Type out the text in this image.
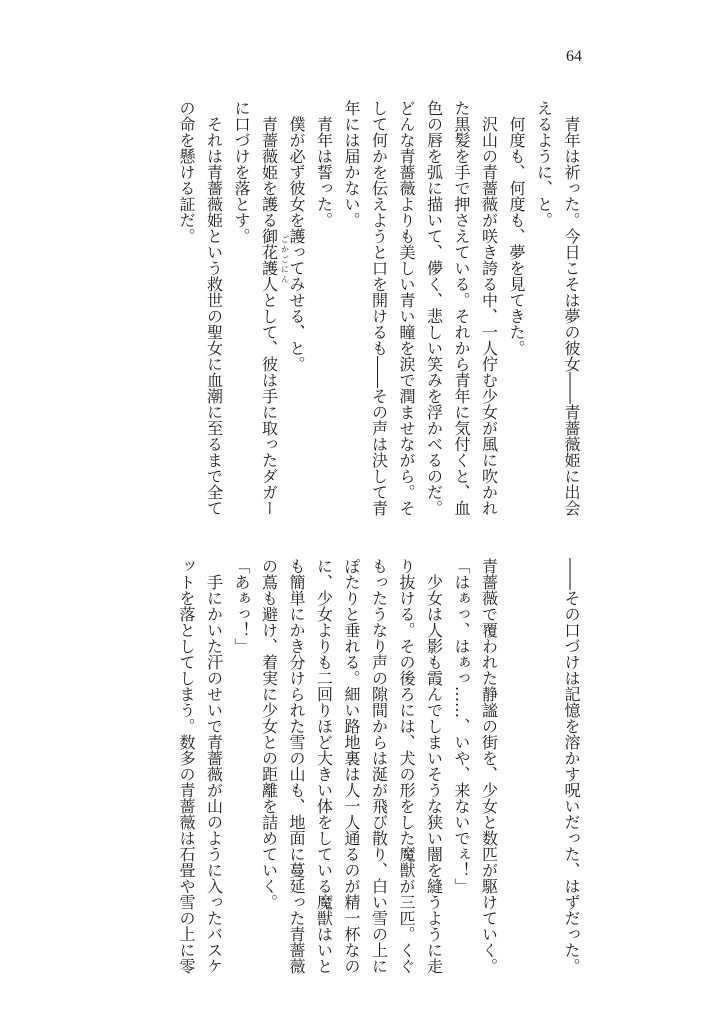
64
青年は祈った。今日こそは夢の彼女――青薔薇姫に出会
えるように、と。
何度も、何度も、夢を見てきた。
沢山の青薔薇が咲き誇る中、一人佇む少女が風に吹かれ
た黒髪を手で押さえている。それから青年に気付くと、血
色の唇を弧に描いて、儚く、悲しい笑みを浮かべるのだ。
どんな青薔薇よりも美しい青い瞳を涙で潤ませながら。そ
して何かを伝えようと口を開けるも――その声は決して青
年には届かない。
青年は誓った。
僕が必ず彼女を護ってみせる、と。
青薔薇姫を護る御花護人 ごかごにん
として、彼は手に取ったダガー
に口づけを落とす。
それは青薔薇姫という救世の聖女に血潮に至るまで全て
の命を懸ける証だ。
――その口づけは記憶を溶かす呪いだった、はずだった。
青薔薇で覆われた静謐の街を、少女と数匹が駆けていく。
「はぁっ、はぁっ……、いや、来ないでぇ！」
少女は人影も霞んでしまいそうな狭い闇を縫うように走
り抜ける。その後ろには、犬の形をした魔獣が三匹。くぐ
もったうなり声の隙間からは涎が飛び散り、白い雪の上に
ぽたりと垂れる。細い路地裏は人一人通るのが精一杯なの
に、少女よりも二回りほど大きい体をしている魔獣はいと
も簡単にかき分けられた雪の山も、地面に蔓延った青薔薇
の蔦も避け、着実に少女との距離を詰めていく。
「あぁっ！」
手にかいた汗のせいで青薔薇が山のように入ったバスケ
ットを落としてしまう。数多の青薔薇は石畳や雪の上に零
